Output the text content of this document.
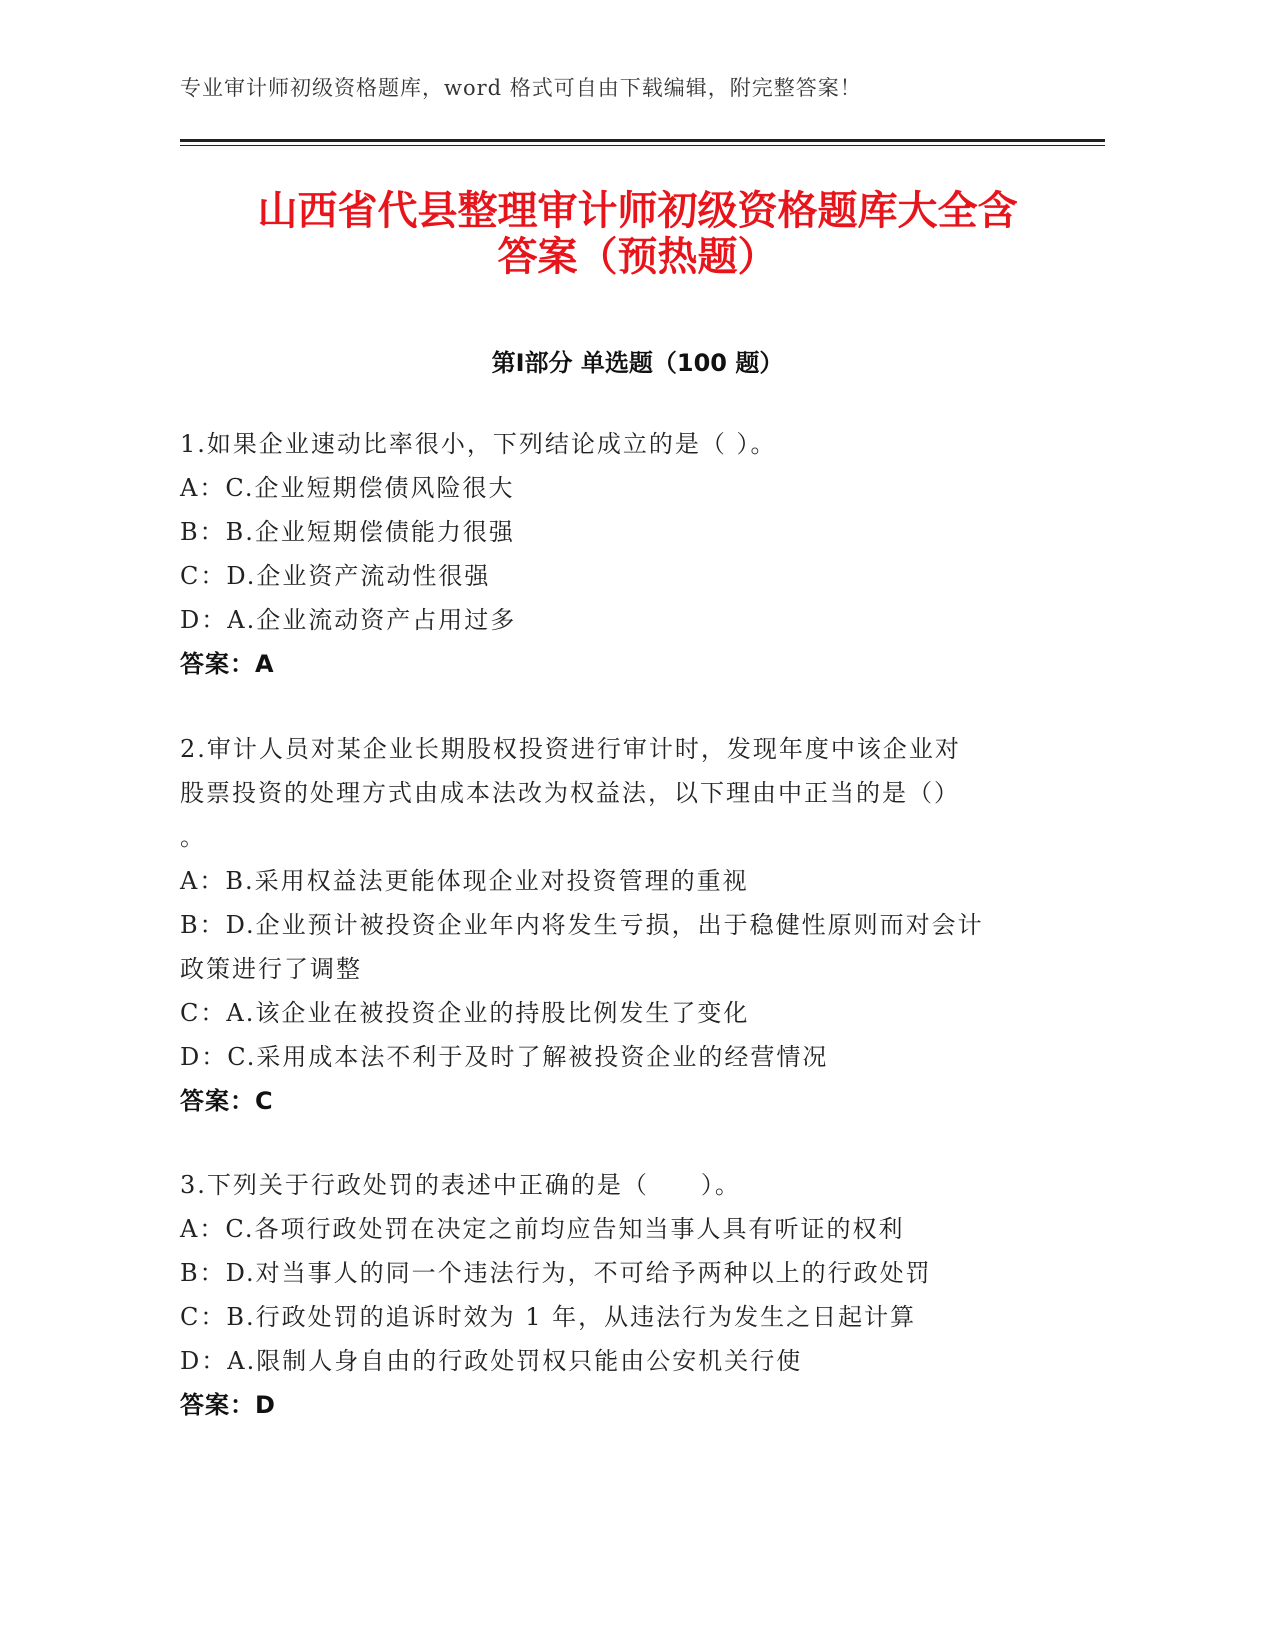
专业审计师初级资格题库，word 格式可自由下载编辑，附完整答案！
山西省代县整理审计师初级资格题库大全含
答案（预热题）
第Ⅰ部分 单选题（100 题）
1.如果企业速动比率很小，下列结论成立的是（ ）。
A：C.企业短期偿债风险很大
B：B.企业短期偿债能力很强
C：D.企业资产流动性很强
D：A.企业流动资产占用过多
答案：A
2.审计人员对某企业长期股权投资进行审计时，发现年度中该企业对
股票投资的处理方式由成本法改为权益法，以下理由中正当的是（）
。
A：B.采用权益法更能体现企业对投资管理的重视
B：D.企业预计被投资企业年内将发生亏损，出于稳健性原则而对会计
政策进行了调整
C：A.该企业在被投资企业的持股比例发生了变化
D：C.采用成本法不利于及时了解被投资企业的经营情况
答案：C
3.下列关于行政处罚的表述中正确的是（　　）。
A：C.各项行政处罚在决定之前均应告知当事人具有听证的权利
B：D.对当事人的同一个违法行为，不可给予两种以上的行政处罚
C：B.行政处罚的追诉时效为 1 年，从违法行为发生之日起计算
D：A.限制人身自由的行政处罚权只能由公安机关行使
答案：D
